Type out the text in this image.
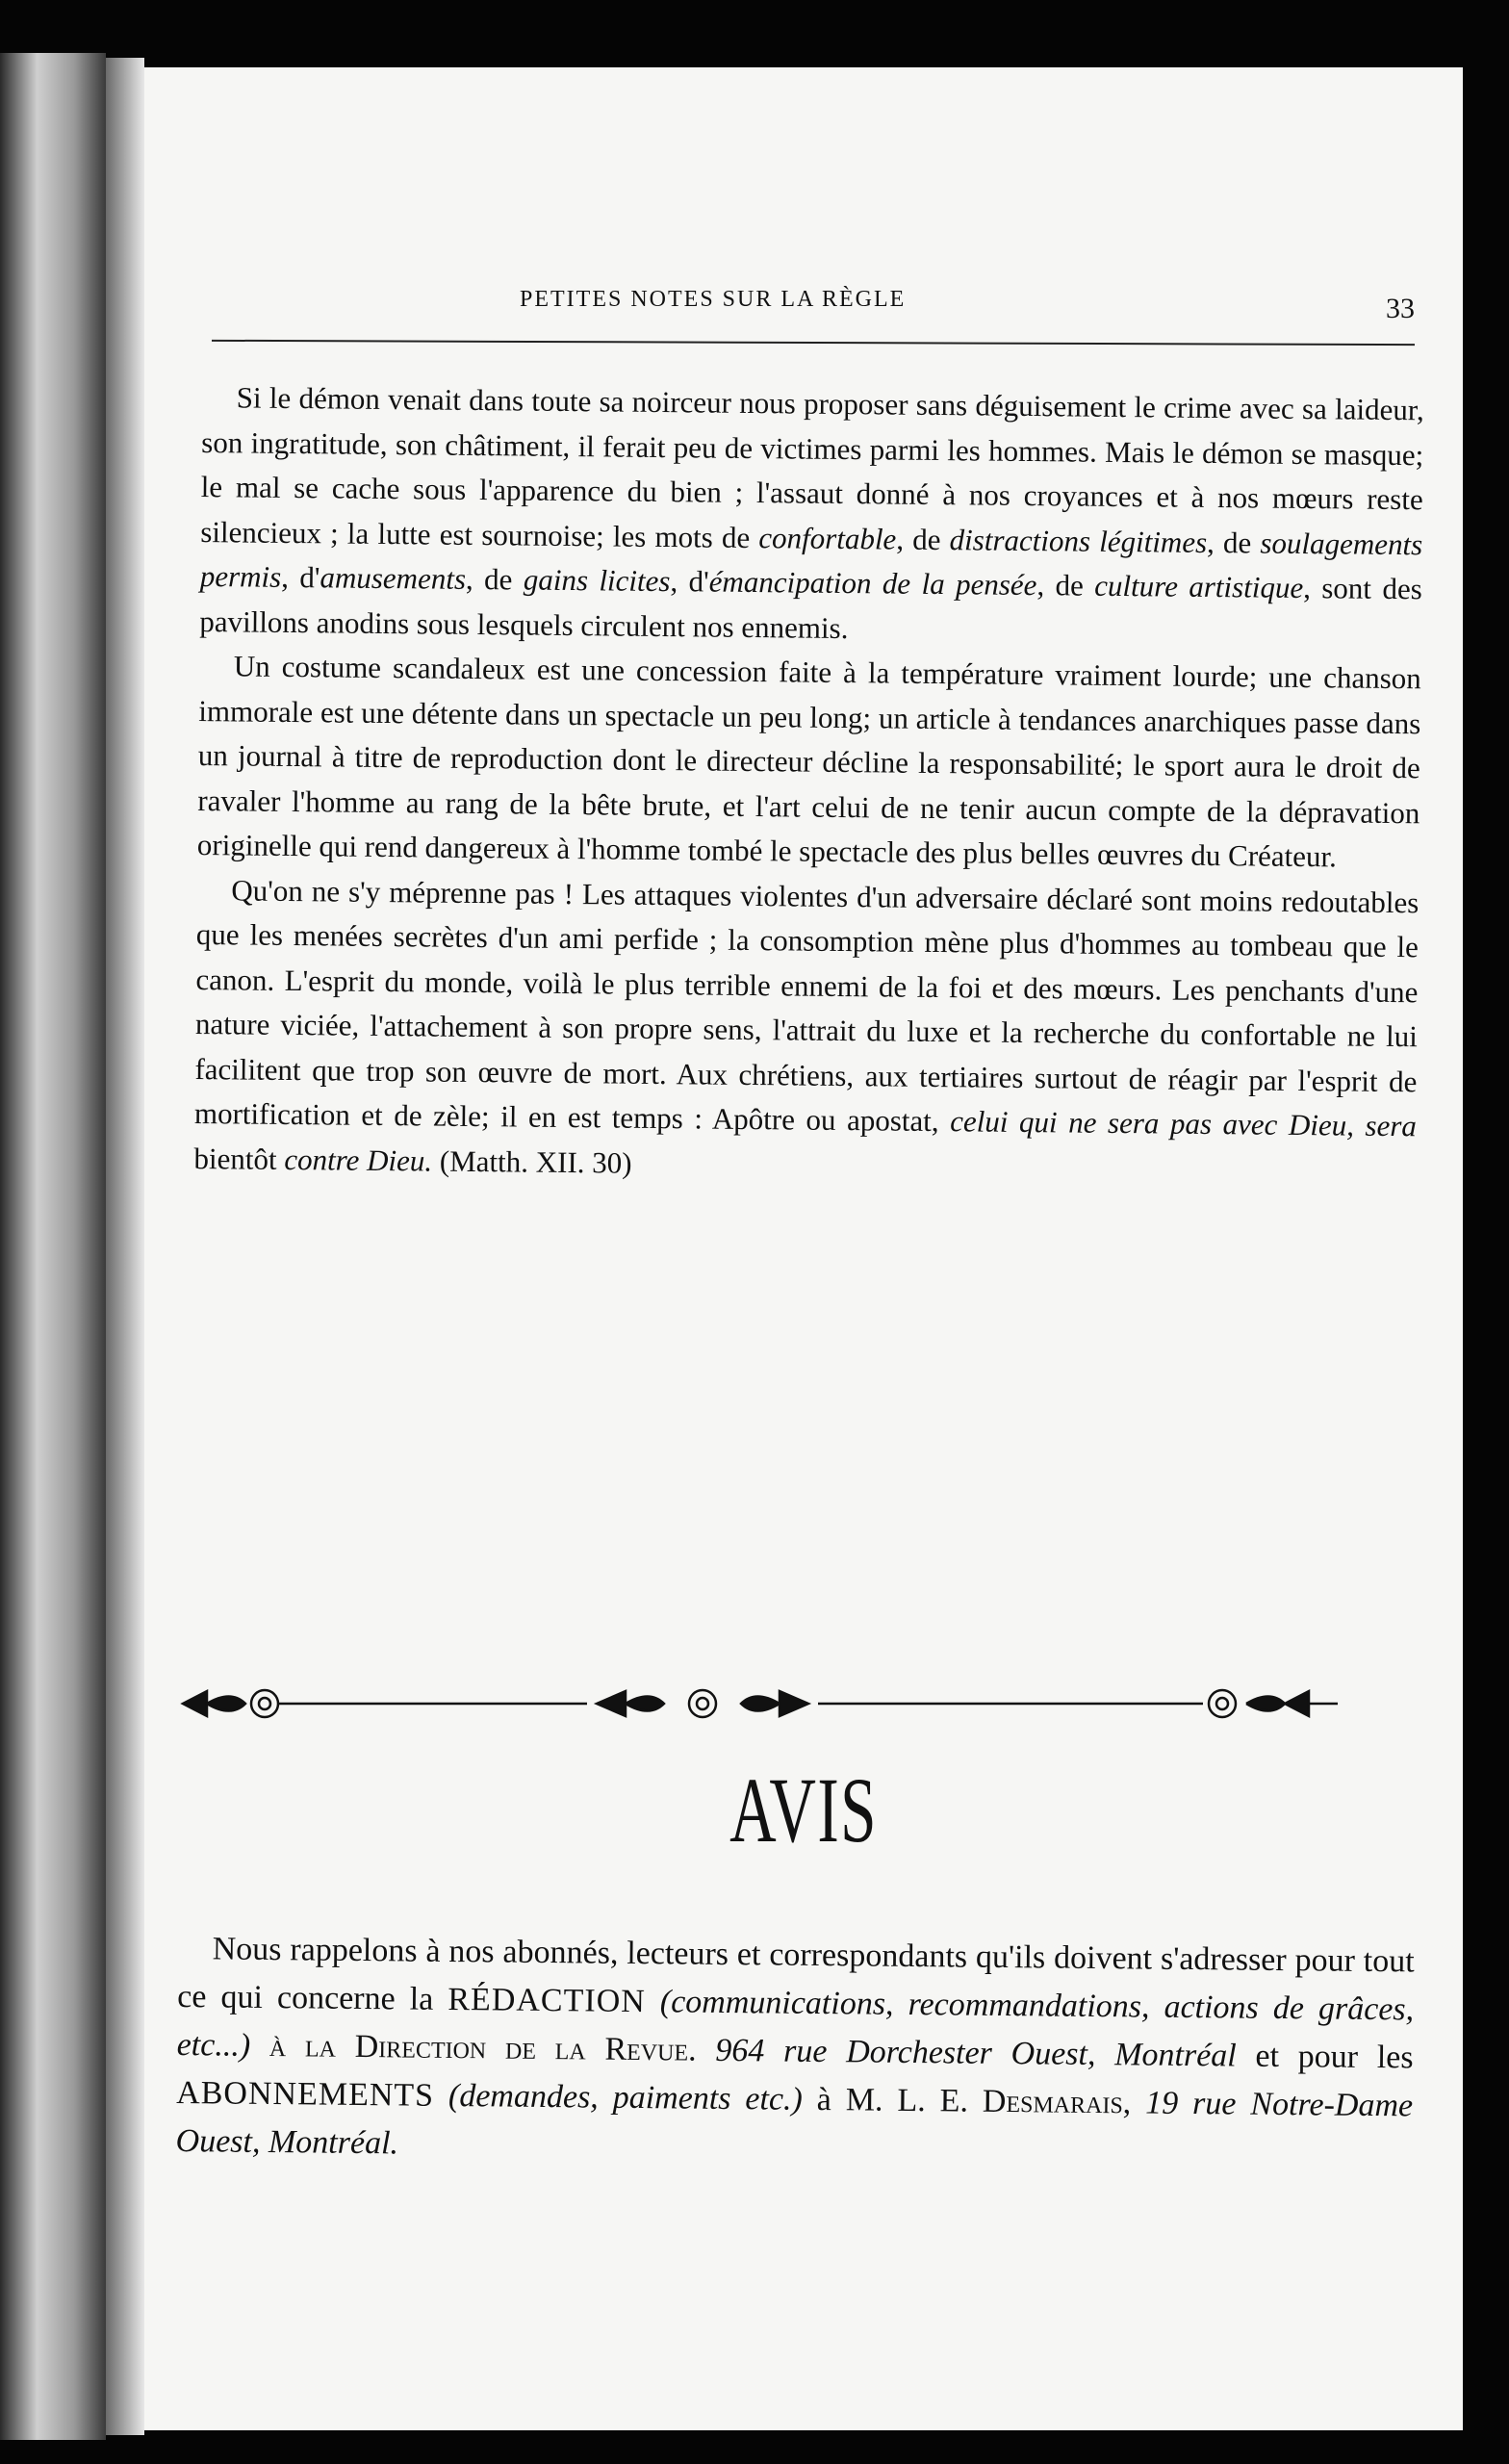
PETITES NOTES SUR LA RÈGLE	33

Si le démon venait dans toute sa noirceur nous proposer sans déguisement le crime avec sa laideur, son ingratitude, son châtiment, il ferait peu de victimes parmi les hommes. Mais le démon se masque; le mal se cache sous l'apparence du bien ; l'assaut donné à nos croyances et à nos mœurs reste silencieux ; la lutte est sournoise; les mots de confortable, de distractions légitimes, de soulagements permis, d'amusements, de gains licites, d'émancipation de la pensée, de culture artistique, sont des pavillons anodins sous lesquels circulent nos ennemis.

Un costume scandaleux est une concession faite à la température vraiment lourde; une chanson immorale est une détente dans un spectacle un peu long; un article à tendances anarchiques passe dans un journal à titre de reproduction dont le directeur décline la responsabilité; le sport aura le droit de ravaler l'homme au rang de la bête brute, et l'art celui de ne tenir aucun compte de la dépravation originelle qui rend dangereux à l'homme tombé le spectacle des plus belles œuvres du Créateur.

Qu'on ne s'y méprenne pas ! Les attaques violentes d'un adversaire déclaré sont moins redoutables que les menées secrètes d'un ami perfide ; la consomption mène plus d'hommes au tombeau que le canon. L'esprit du monde, voilà le plus terrible ennemi de la foi et des mœurs. Les penchants d'une nature viciée, l'attachement à son propre sens, l'attrait du luxe et la recherche du confortable ne lui facilitent que trop son œuvre de mort. Aux chrétiens, aux tertiaires surtout de réagir par l'esprit de mortification et de zèle; il en est temps : Apôtre ou apostat, celui qui ne sera pas avec Dieu, sera bientôt contre Dieu. (Matth. XII. 30)

AVIS

Nous rappelons à nos abonnés, lecteurs et correspondants qu'ils doivent s'adresser pour tout ce qui concerne la RÉDACTION (communications, recommandations, actions de grâces, etc...) à la Direction de la Revue. 964 rue Dorchester Ouest, Montréal et pour les ABONNEMENTS (demandes, paiments etc.) à M. L. E. Desmarais, 19 rue Notre-Dame Ouest, Montréal.
